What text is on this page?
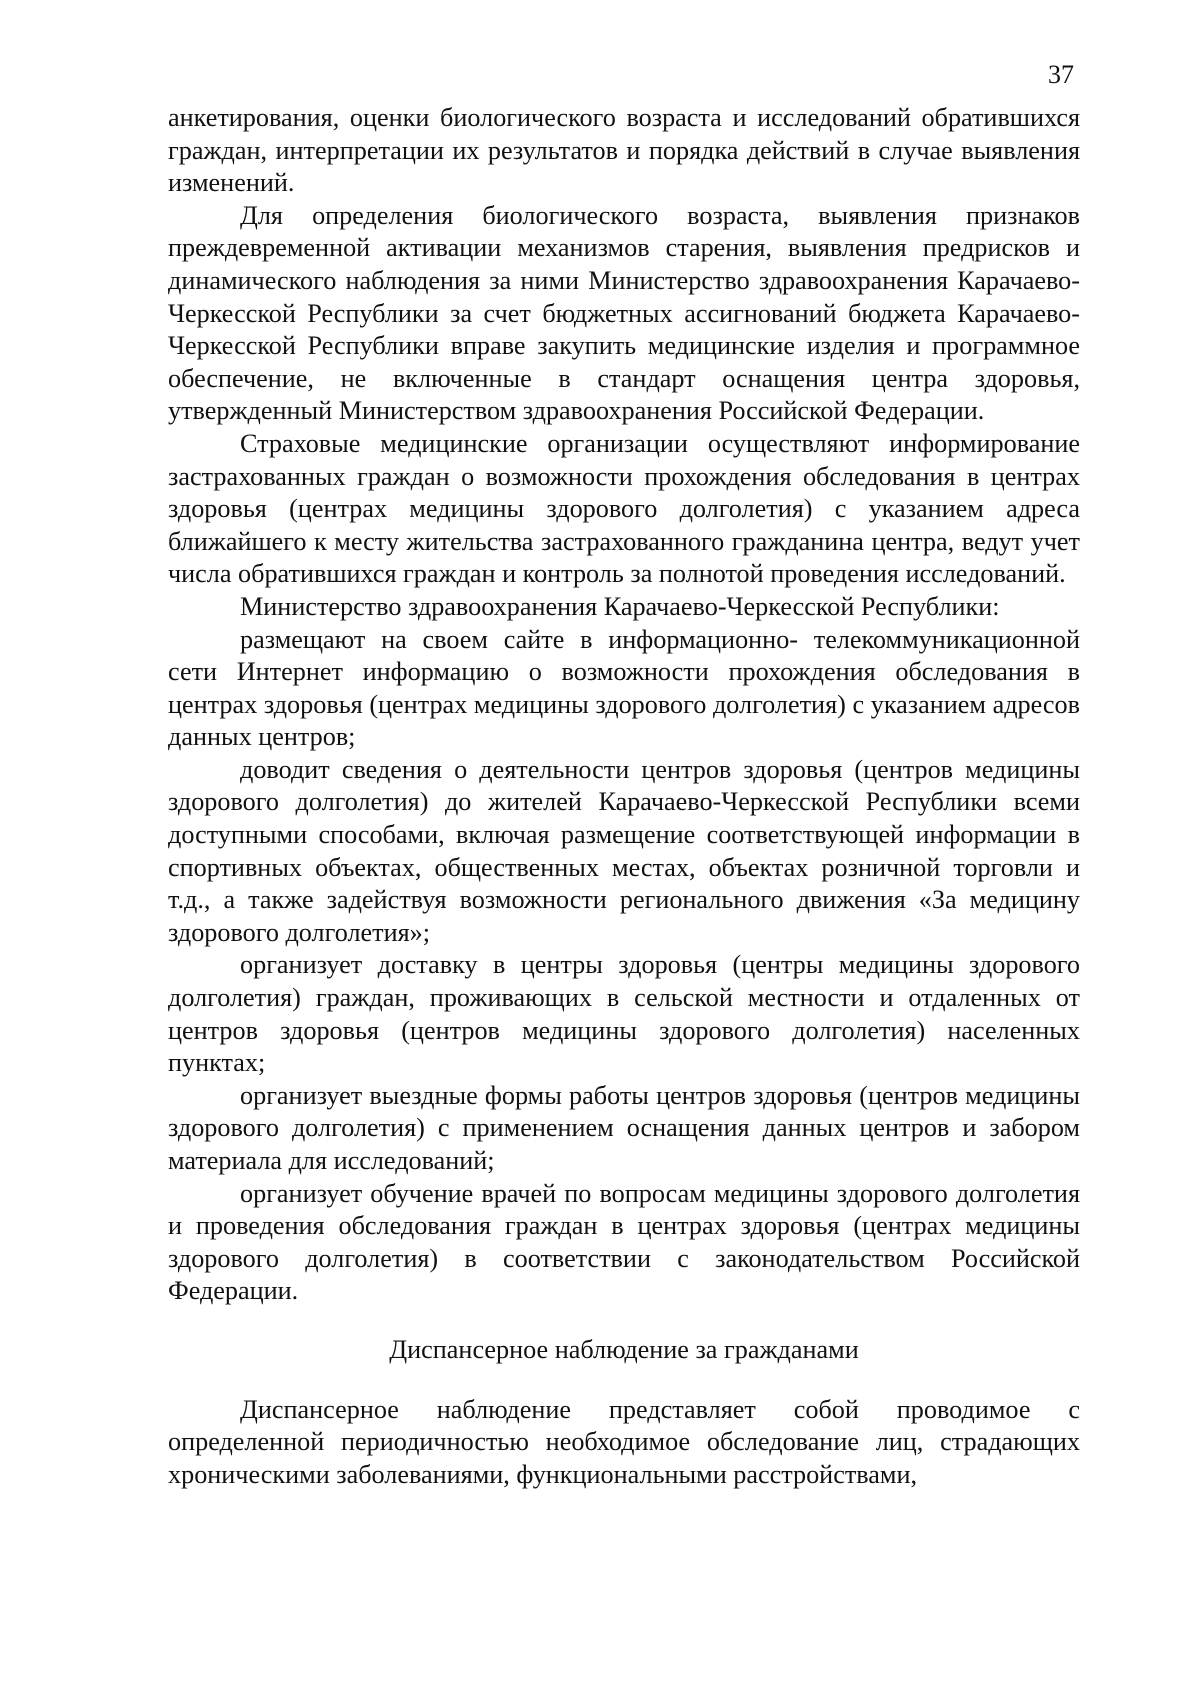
37

анкетирования, оценки биологического возраста и исследований обратившихся граждан, интерпретации их результатов и порядка действий в случае выявления изменений.

Для определения биологического возраста, выявления признаков преждевременной активации механизмов старения, выявления предрисков и динамического наблюдения за ними Министерство здравоохранения Карачаево-Черкесской Республики за счет бюджетных ассигнований бюджета Карачаево-Черкесской Республики вправе закупить медицинские изделия и программное обеспечение, не включенные в стандарт оснащения центра здоровья, утвержденный Министерством здравоохранения Российской Федерации.

Страховые медицинские организации осуществляют информирование застрахованных граждан о возможности прохождения обследования в центрах здоровья (центрах медицины здорового долголетия) с указанием адреса ближайшего к месту жительства застрахованного гражданина центра, ведут учет числа обратившихся граждан и контроль за полнотой проведения исследований.

Министерство здравоохранения Карачаево-Черкесской Республики:

размещают на своем сайте в информационно- телекоммуникационной сети Интернет информацию о возможности прохождения обследования в центрах здоровья (центрах медицины здорового долголетия) с указанием адресов данных центров;

доводит сведения о деятельности центров здоровья (центров медицины здорового долголетия) до жителей Карачаево-Черкесской Республики всеми доступными способами, включая размещение соответствующей информации в спортивных объектах, общественных местах, объектах розничной торговли и т.д., а также задействуя возможности регионального движения «За медицину здорового долголетия»;

организует доставку в центры здоровья (центры медицины здорового долголетия) граждан, проживающих в сельской местности и отдаленных от центров здоровья (центров медицины здорового долголетия) населенных пунктах;

организует выездные формы работы центров здоровья (центров медицины здорового долголетия) с применением оснащения данных центров и забором материала для исследований;

организует обучение врачей по вопросам медицины здорового долголетия и проведения обследования граждан в центрах здоровья (центрах медицины здорового долголетия) в соответствии с законодательством Российской Федерации.

Диспансерное наблюдение за гражданами

Диспансерное наблюдение представляет собой проводимое с определенной периодичностью необходимое обследование лиц, страдающих хроническими заболеваниями, функциональными расстройствами,
